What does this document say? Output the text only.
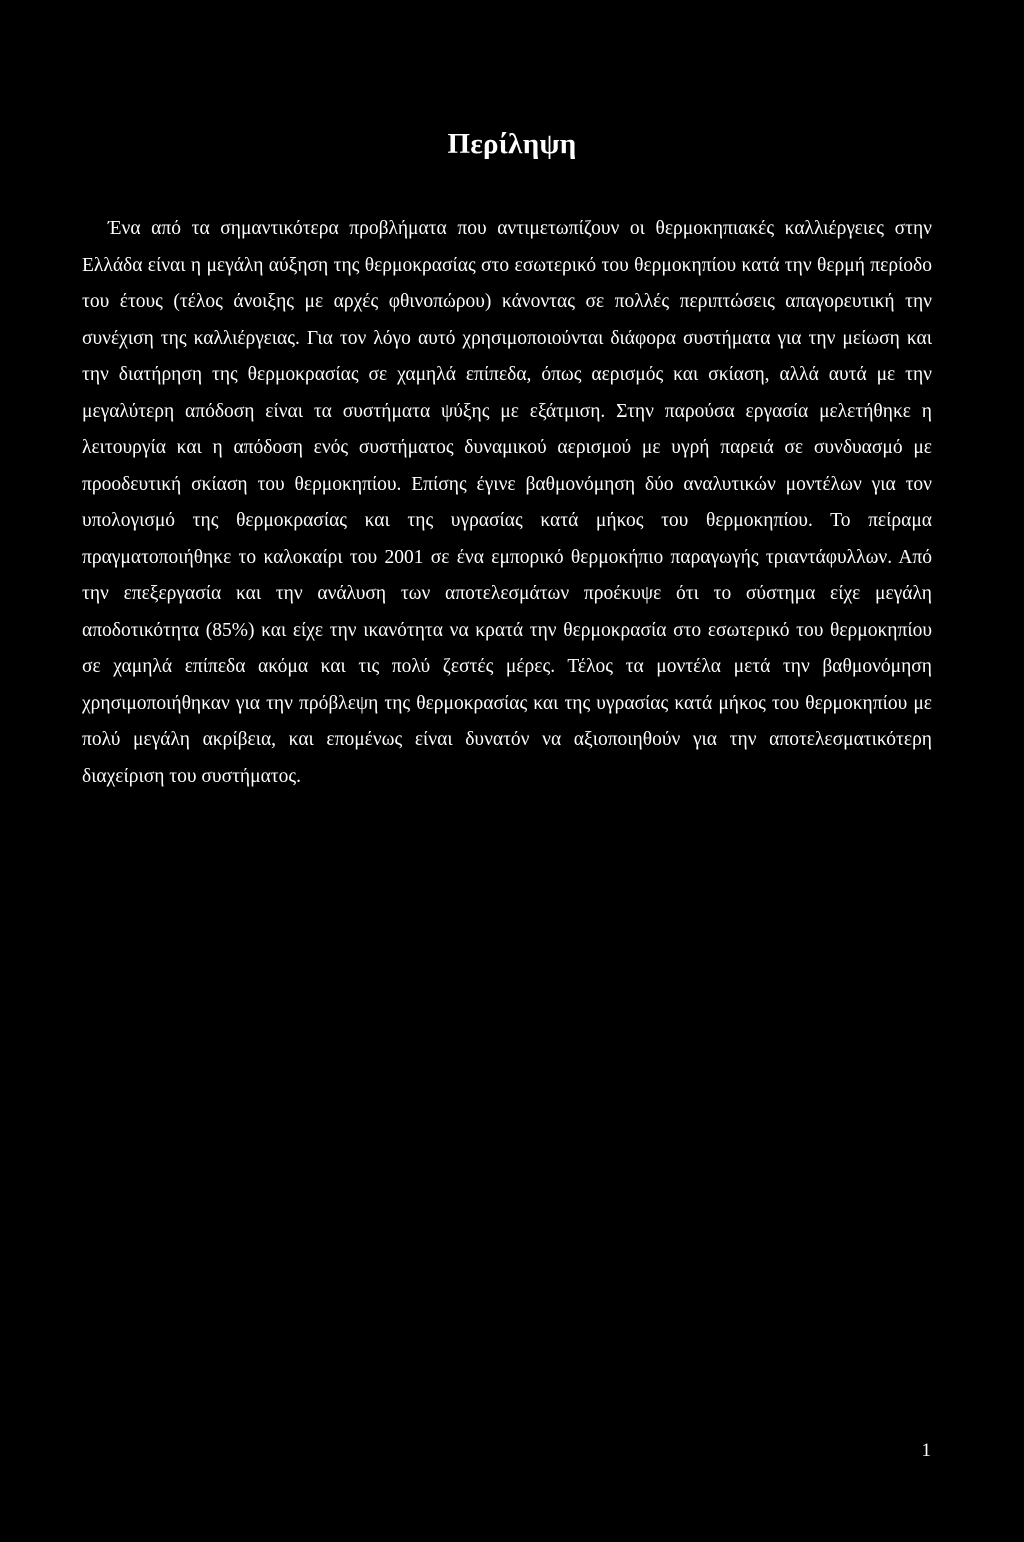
Περίληψη

Ένα από τα σημαντικότερα προβλήματα που αντιμετωπίζουν οι θερμοκηπιακές καλλιέργειες στην Ελλάδα είναι η μεγάλη αύξηση της θερμοκρασίας στο εσωτερικό του θερμοκηπίου κατά την θερμή περίοδο του έτους (τέλος άνοιξης με αρχές φθινοπώρου) κάνοντας σε πολλές περιπτώσεις απαγορευτική την συνέχιση της καλλιέργειας. Για τον λόγο αυτό χρησιμοποιούνται διάφορα συστήματα για την μείωση και την διατήρηση της θερμοκρασίας σε χαμηλά επίπεδα, όπως αερισμός και σκίαση, αλλά αυτά με την μεγαλύτερη απόδοση είναι τα συστήματα ψύξης με εξάτμιση. Στην παρούσα εργασία μελετήθηκε η λειτουργία και η απόδοση ενός συστήματος δυναμικού αερισμού με υγρή παρειά σε συνδυασμό με προοδευτική σκίαση του θερμοκηπίου. Επίσης έγινε βαθμονόμηση δύο αναλυτικών μοντέλων για τον υπολογισμό της θερμοκρασίας και της υγρασίας κατά μήκος του θερμοκηπίου. Το πείραμα πραγματοποιήθηκε το καλοκαίρι του 2001 σε ένα εμπορικό θερμοκήπιο παραγωγής τριαντάφυλλων. Από την επεξεργασία και την ανάλυση των αποτελεσμάτων προέκυψε ότι το σύστημα είχε μεγάλη αποδοτικότητα (85%) και είχε την ικανότητα να κρατά την θερμοκρασία στο εσωτερικό του θερμοκηπίου σε χαμηλά επίπεδα ακόμα και τις πολύ ζεστές μέρες. Τέλος τα μοντέλα μετά την βαθμονόμηση χρησιμοποιήθηκαν για την πρόβλεψη της θερμοκρασίας και της υγρασίας κατά μήκος του θερμοκηπίου με πολύ μεγάλη ακρίβεια, και επομένως είναι δυνατόν να αξιοποιηθούν για την αποτελεσματικότερη διαχείριση του συστήματος.

1
